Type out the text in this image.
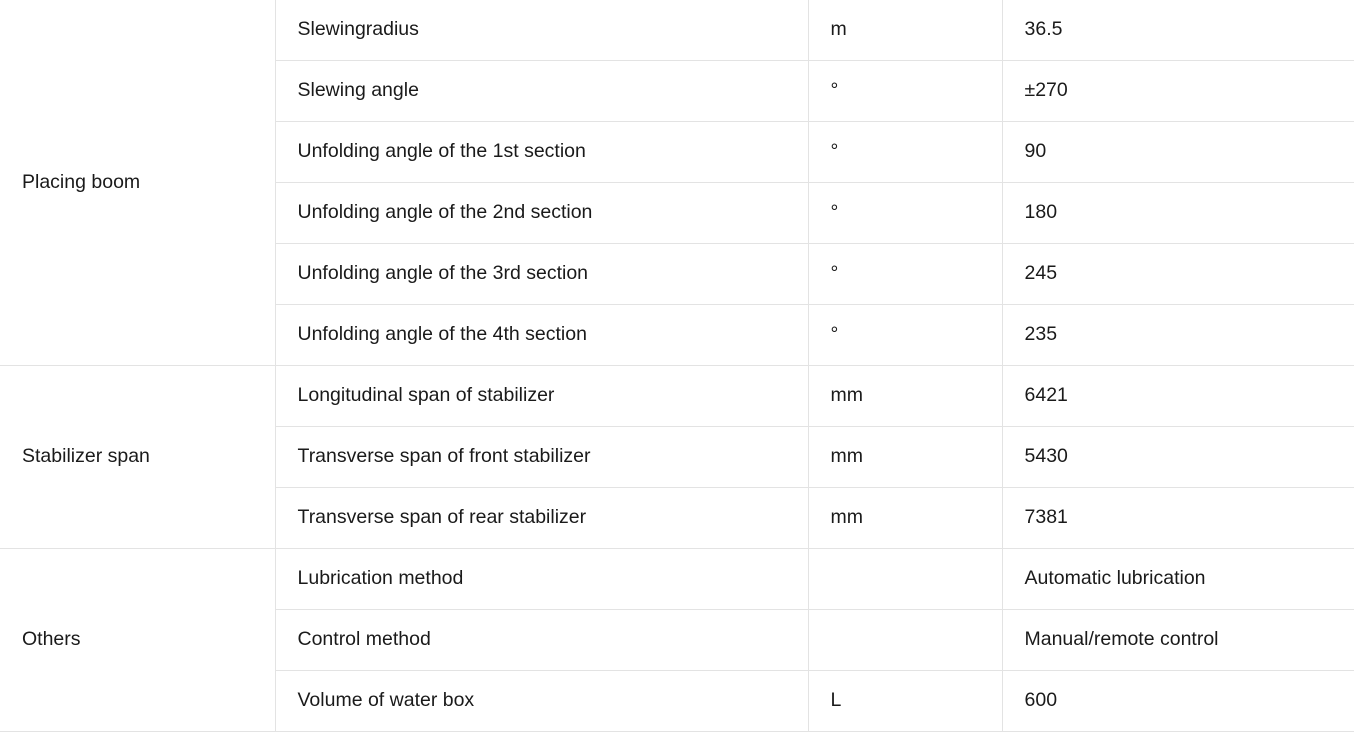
Placing boom	Slewingradius	m	36.5
	Slewing angle	°	±270
	Unfolding angle of the 1st section	°	90
	Unfolding angle of the 2nd section	°	180
	Unfolding angle of the 3rd section	°	245
	Unfolding angle of the 4th section	°	235
Stabilizer span	Longitudinal span of stabilizer	mm	6421
	Transverse span of front stabilizer	mm	5430
	Transverse span of rear stabilizer	mm	7381
Others	Lubrication method		Automatic lubrication
	Control method		Manual/remote control
	Volume of water box	L	600
